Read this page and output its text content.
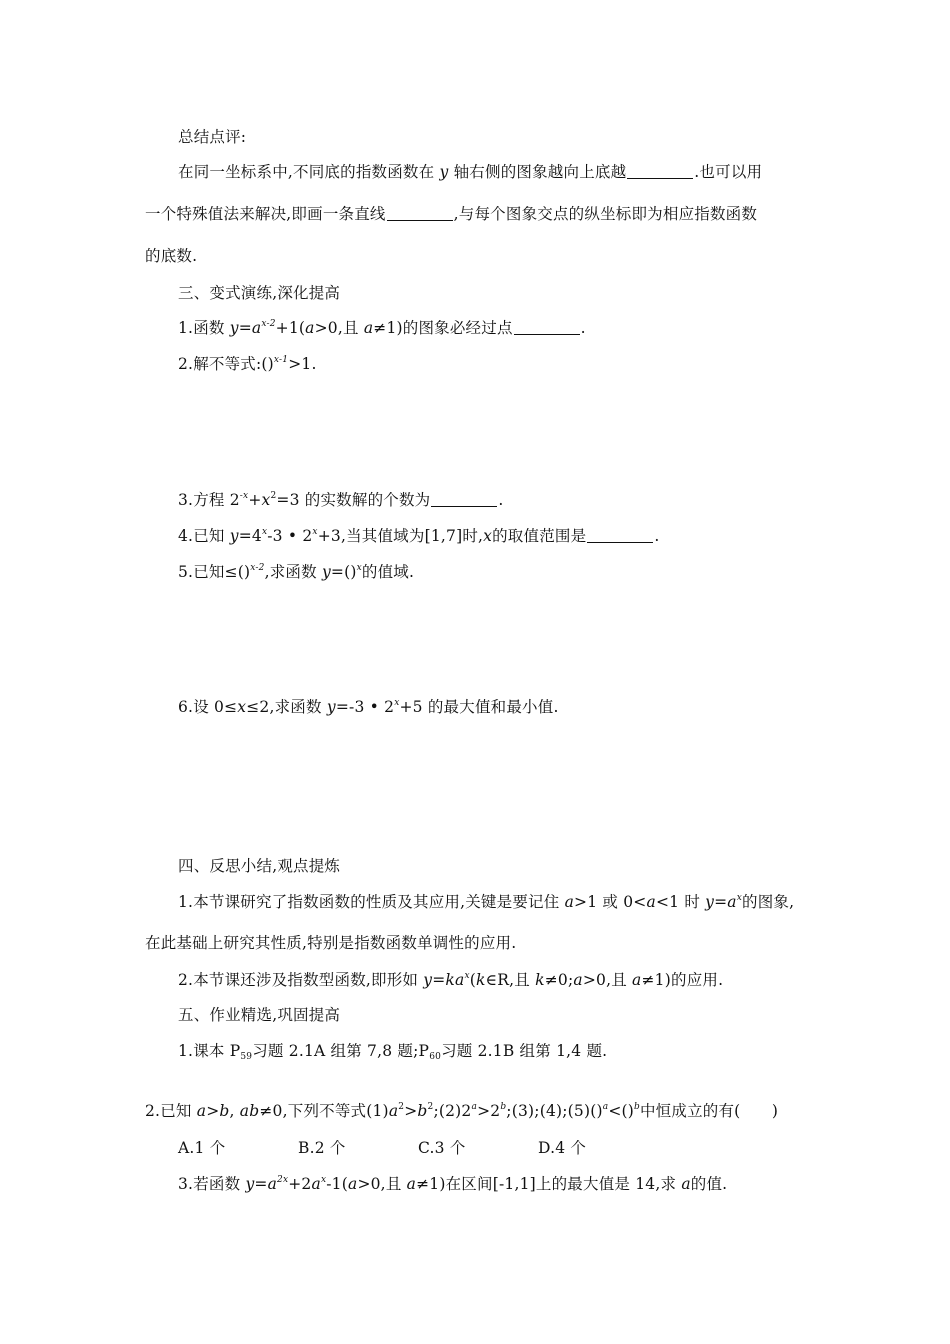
总结点评:
在同一坐标系中,不同底的指数函数在 y 轴右侧的图象越向上底越	.也可以用
一个特殊值法来解决,即画一条直线	,与每个图象交点的纵坐标即为相应指数函数
的底数.
三、变式演练,深化提高
1.函数 $y=a^{x-2}+1(a>0$,且 a≠1)的图象必经过点	.
2.解不等式:()$^{x-1}$>1.
3.方程 $2^{-x}+x^2=3$ 的实数解的个数为	.
4.已知 $y=4^x-3$ • $2^x+3$,当其值域为[1,7]时,x的取值范围是	.
5.已知≤()$^{x-2}$,求函数 y=()$^x$的值域.
6.设 0≤x≤2,求函数 y=-3 • $2^x+5$ 的最大值和最小值.
四、反思小结,观点提炼
1.本节课研究了指数函数的性质及其应用,关键是要记住 a>1 或 0<a<1 时 $y=a^x$的图象,
在此基础上研究其性质,特别是指数函数单调性的应用.
2.本节课还涉及指数型函数,即形如 $y=ka^x(k\in R$,且 k≠0;a>0,且 a≠1)的应用.
五、作业精选,巩固提高
1.课本 $P_{59}$习题 2.1A 组第 7,8 题$;P_{60}$习题 2.1B 组第 1,4 题.
2.已知 a>b, ab≠0,下列不等式$(1)a^2>b^2;(2)2^a>2^b;(3);(4);(5)()^a<()^b$中恒成立的有(　　)
A.1 个	B.2 个	C.3 个	D.4 个
3.若函数 $y=a^{2x}+2a^x-1(a>0$,且 a≠1)在区间[-1,1]上的最大值是 14,求 a的值.
